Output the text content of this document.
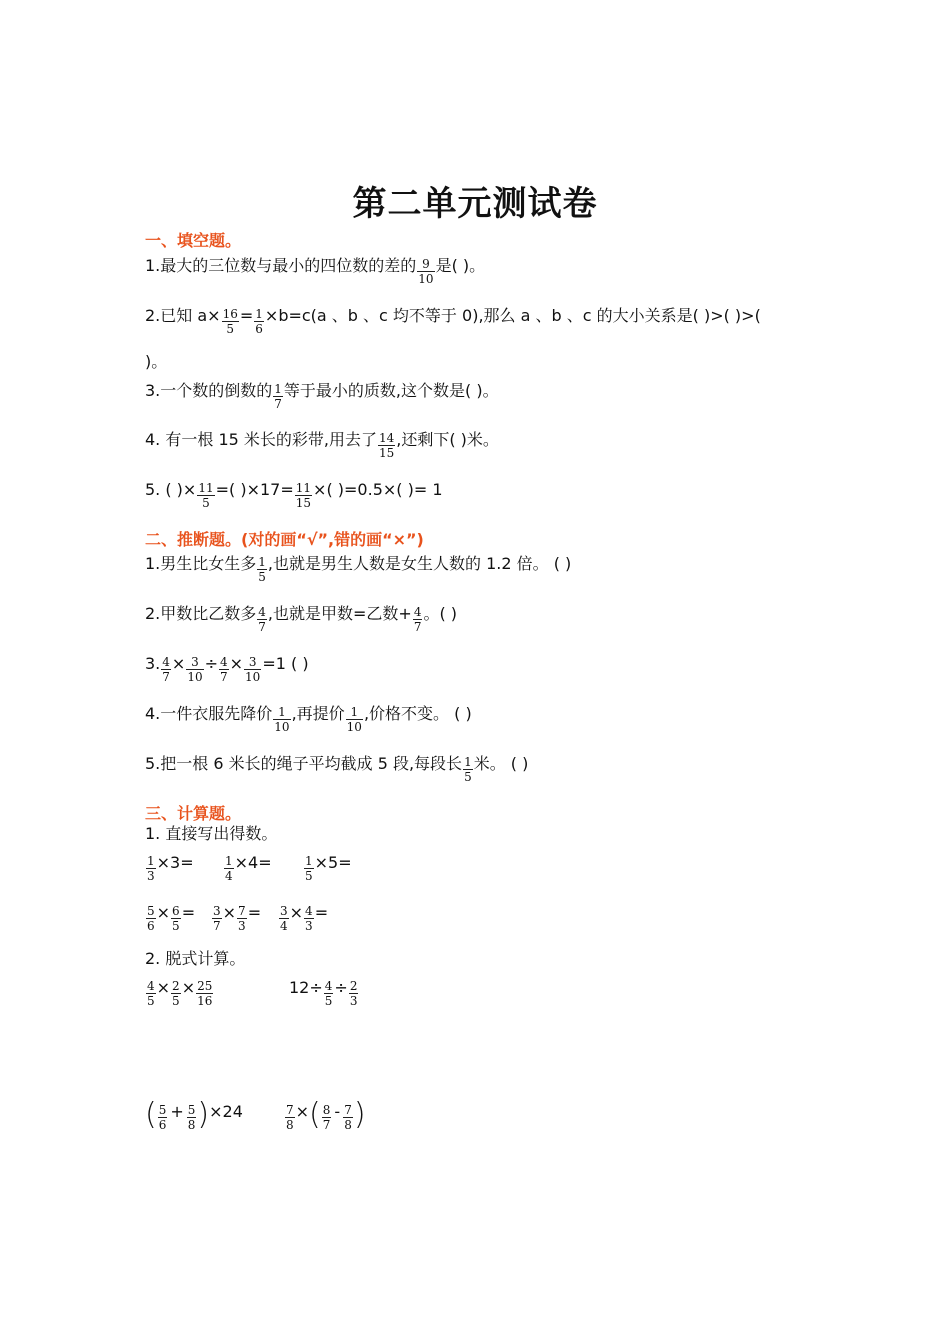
第二单元测试卷
一、填空题。
1.最大的三位数与最小的四位数的差的 $\frac{9}{10}$ 是( )。
2.已知 $a\times \frac{16}{5} = \frac{1}{6} \times b=c(a$ 、b 、c 均不等于 0),那么 a 、b 、c 的大小关系是( )>( )>(
)。
3.一个数的倒数的 $\frac{1}{7}$ 等于最小的质数,这个数是( )。
4. 有一根 15 米长的彩带,用去了 $\frac{14}{15}$ ,还剩下( )米。
5. ( )× $\frac{11}{5}$ =( )$\times 17= \frac{11}{15}$ ×( )=0.5×( )= 1
二、推断题。(对的画“√”,错的画“×”)
1.男生比女生多 $\frac{1}{5}$ ,也就是男生人数是女生人数的 1.2 倍。 ( )
2.甲数比乙数多 $\frac{4}{7}$ ,也就是甲数=乙数+ $\frac{4}{7}$ 。( )
3. $\frac{4}{7} \times \frac{3}{10} \div \frac{4}{7} \times \frac{3}{10} =1$ ( )
4.一件衣服先降价 $\frac{1}{10}$ ,再提价 $\frac{1}{10}$ ,价格不变。 ( )
5.把一根 6 米长的绳子平均截成 5 段,每段长 $\frac{1}{5}$ 米。 ( )
三、计算题。
1. 直接写出得数。
$\frac{1}{3} \times 3=$	$\frac{1}{4} \times 4=$	$\frac{1}{5} \times 5=$
$\frac{5}{6} \times \frac{6}{5} = \frac{3}{7} \times \frac{7}{3} = \frac{3}{4} \times \frac{4}{3}$ =
2. 脱式计算。
$\frac{4}{5} \times \frac{2}{5} \times \frac{25}{16}$	$12\div \frac{4}{5} \div \frac{2}{3}$
( $\frac{5}{6} + \frac{5}{8} )\times 24$	$\frac{7}{8}$ ×( $\frac{8}{7} - \frac{7}{8}$ )
